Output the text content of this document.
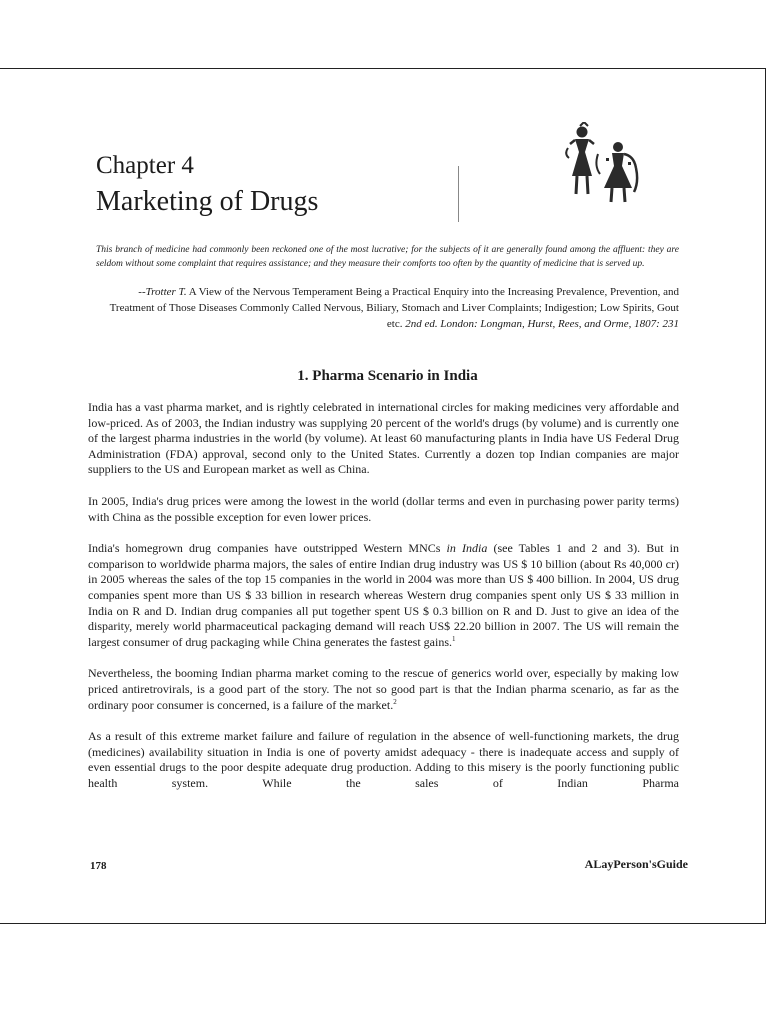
Chapter 4
Marketing of Drugs

This branch of medicine had commonly been reckoned one of the most lucrative; for the subjects of it are generally found among the affluent: they are seldom without some complaint that requires assistance; and they measure their comforts too often by the quantity of medicine that is served up.

--Trotter T. A View of the Nervous Temperament Being a Practical Enquiry into the Increasing Prevalence, Prevention, and Treatment of Those Diseases Commonly Called Nervous, Biliary, Stomach and Liver Complaints; Indigestion; Low Spirits, Gout etc. 2nd ed. London: Longman, Hurst, Rees, and Orme, 1807: 231

1. Pharma Scenario in India

India has a vast pharma market, and is rightly celebrated in international circles for making medicines very affordable and low-priced. As of 2003, the Indian industry was supplying 20 percent of the world's drugs (by volume) and is currently one of the largest pharma industries in the world (by volume). At least 60 manufacturing plants in India have US Federal Drug Administration (FDA) approval, second only to the United States. Currently a dozen top Indian companies are major suppliers to the US and European market as well as China.

In 2005, India's drug prices were among the lowest in the world (dollar terms and even in purchasing power parity terms) with China as the possible exception for even lower prices.

India's homegrown drug companies have outstripped Western MNCs in India (see Tables 1 and 2 and 3). But in comparison to worldwide pharma majors, the sales of entire Indian drug industry was US $ 10 billion (about Rs 40,000 cr) in 2005 whereas the sales of the top 15 companies in the world in 2004 was more than US $ 400 billion. In 2004, US drug companies spent more than US $ 33 billion in research whereas Western drug companies spent only US $ 33 million in India on R and D. Indian drug companies all put together spent US $ 0.3 billion on R and D. Just to give an idea of the disparity, merely world pharmaceutical packaging demand will reach US$ 22.20 billion in 2007. The US will remain the largest consumer of drug packaging while China generates the fastest gains.$^1$

Nevertheless, the booming Indian pharma market coming to the rescue of generics world over, especially by making low priced antiretrovirals, is a good part of the story. The not so good part is that the Indian pharma scenario, as far as the ordinary poor consumer is concerned, is a failure of the market.$^2$

As a result of this extreme market failure and failure of regulation in the absence of well-functioning markets, the drug (medicines) availability situation in India is one of poverty amidst adequacy - there is inadequate access and supply of even essential drugs to the poor despite adequate drug production. Adding to this misery is the poorly functioning public health system. While the sales of Indian Pharma

178	ALayPerson'sGuide
